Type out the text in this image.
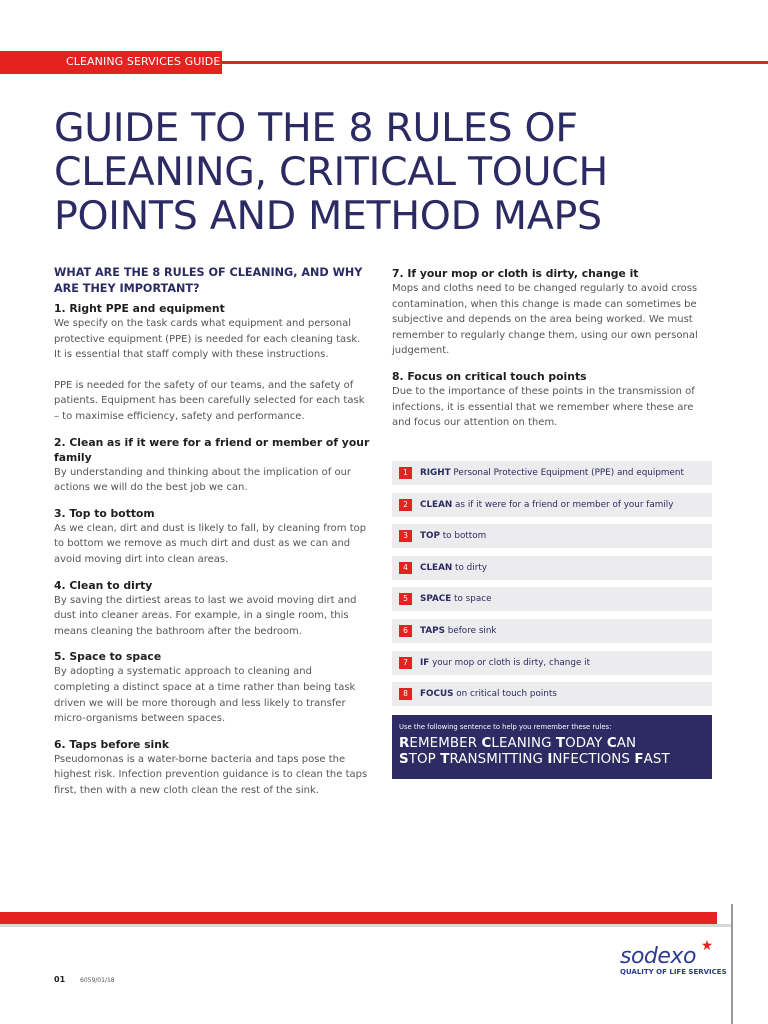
CLEANING SERVICES GUIDE
GUIDE TO THE 8 RULES OF CLEANING, CRITICAL TOUCH POINTS AND METHOD MAPS

WHAT ARE THE 8 RULES OF CLEANING, AND WHY ARE THEY IMPORTANT?

1. Right PPE and equipment

We specify on the task cards what equipment and personal protective equipment (PPE) is needed for each cleaning task. It is essential that staff comply with these instructions.

PPE is needed for the safety of our teams, and the safety of patients. Equipment has been carefully selected for each task – to maximise efficiency, safety and performance.

2. Clean as if it were for a friend or member of your family

By understanding and thinking about the implication of our actions we will do the best job we can.

3. Top to bottom

As we clean, dirt and dust is likely to fall, by cleaning from top to bottom we remove as much dirt and dust as we can and avoid moving dirt into clean areas.

4. Clean to dirty

By saving the dirtiest areas to last we avoid moving dirt and dust into cleaner areas. For example, in a single room, this means cleaning the bathroom after the bedroom.

5. Space to space

By adopting a systematic approach to cleaning and completing a distinct space at a time rather than being task driven we will be more thorough and less likely to transfer micro-organisms between spaces.

6. Taps before sink

Pseudomonas is a water-borne bacteria and taps pose the highest risk. Infection prevention guidance is to clean the taps first, then with a new cloth clean the rest of the sink.

7. If your mop or cloth is dirty, change it

Mops and cloths need to be changed regularly to avoid cross contamination, when this change is made can sometimes be subjective and depends on the area being worked. We must remember to regularly change them, using our own personal judgement.

8. Focus on critical touch points

Due to the importance of these points in the transmission of infections, it is essential that we remember where these are and focus our attention on them.

1	RIGHT Personal Protective Equipment (PPE) and equipment
2	CLEAN as if it were for a friend or member of your family
3	TOP to bottom
4	CLEAN to dirty
5	SPACE to space
6	TAPS before sink
7	IF your mop or cloth is dirty, change it
8	FOCUS on critical touch points
Use the following sentence to help you remember these rules:
REMEMBER CLEANING TODAY CAN
STOP TRANSMITTING INFECTIONS FAST
01 6059/01/18
sodexo
QUALITY OF LIFE SERVICES
